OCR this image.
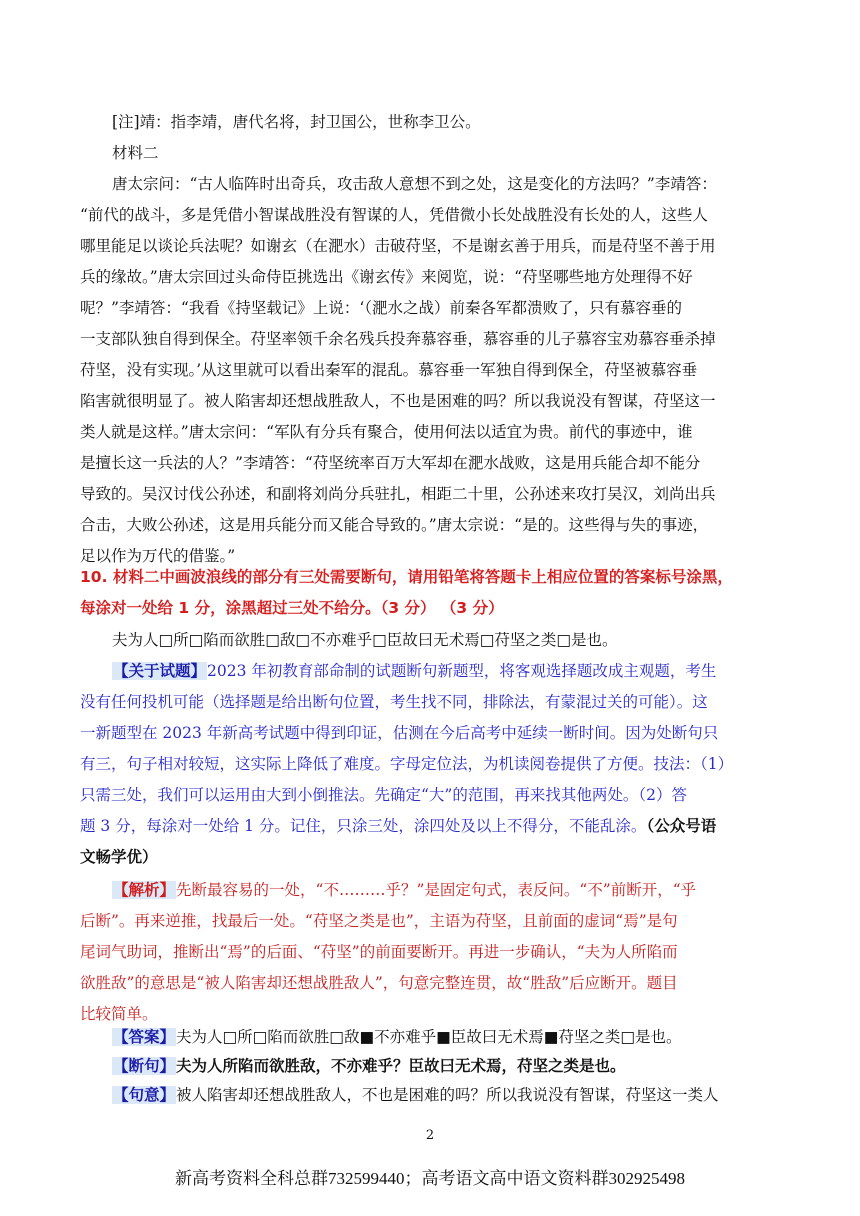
[注]靖：指李靖，唐代名将，封卫国公，世称李卫公。
材料二
唐太宗问：“古人临阵时出奇兵，攻击敌人意想不到之处，这是变化的方法吗？”李靖答：
“前代的战斗，多是凭借小智谋战胜没有智谋的人，凭借微小长处战胜没有长处的人，这些人
哪里能足以谈论兵法呢？如谢玄（在淝水）击破苻坚，不是谢玄善于用兵，而是苻坚不善于用
兵的缘故。”唐太宗回过头命侍臣挑选出《谢玄传》来阅览，说：“苻坚哪些地方处理得不好
呢？”李靖答：“我看《持坚载记》上说：‘（淝水之战）前秦各军都溃败了，只有慕容垂的
一支部队独自得到保全。苻坚率领千余名残兵投奔慕容垂，慕容垂的儿子慕容宝劝慕容垂杀掉
苻坚，没有实现。’从这里就可以看出秦军的混乱。慕容垂一军独自得到保全，苻坚被慕容垂
陷害就很明显了。被人陷害却还想战胜敌人，不也是困难的吗？所以我说没有智谋，苻坚这一
类人就是这样。”唐太宗问：“军队有分兵有聚合，使用何法以适宜为贵。前代的事迹中，谁
是擅长这一兵法的人？”李靖答：“苻坚统率百万大军却在淝水战败，这是用兵能合却不能分
导致的。吴汉讨伐公孙述，和副将刘尚分兵驻扎，相距二十里，公孙述来攻打吴汉，刘尚出兵
合击，大败公孙述，这是用兵能分而又能合导致的。”唐太宗说：“是的。这些得与失的事迹，
足以作为万代的借鉴。”
10. 材料二中画波浪线的部分有三处需要断句，请用铅笔将答题卡上相应位置的答案标号涂黑，
每涂对一处给 1 分，涂黑超过三处不给分。（3 分） （3 分）
夫为人□所□陷而欲胜□敌□不亦难乎□臣故曰无术焉□苻坚之类□是也。
【关于试题】2023 年初教育部命制的试题断句新题型，将客观选择题改成主观题，考生
没有任何投机可能（选择题是给出断句位置，考生找不同，排除法，有蒙混过关的可能）。这
一新题型在 2023 年新高考试题中得到印证，估测在今后高考中延续一断时间。因为处断句只
有三，句子相对较短，这实际上降低了难度。字母定位法，为机读阅卷提供了方便。技法：（1）
只需三处，我们可以运用由大到小倒推法。先确定“大”的范围，再来找其他两处。（2）答
题 3 分，每涂对一处给 1 分。记住，只涂三处，涂四处及以上不得分，不能乱涂。（公众号语
文畅学优）
【解析】先断最容易的一处，“不………乎？”是固定句式，表反问。“不”前断开，“乎
后断”。再来逆推，找最后一处。“苻坚之类是也”，主语为苻坚，且前面的虚词“焉”是句
尾词气助词，推断出“焉”的后面、“苻坚”的前面要断开。再进一步确认，“夫为人所陷而
欲胜敌”的意思是“被人陷害却还想战胜敌人”，句意完整连贯，故“胜敌”后应断开。题目
比较简单。
【答案】夫为人□所□陷而欲胜□敌■不亦难乎■臣故曰无术焉■苻坚之类□是也。
【断句】夫为人所陷而欲胜敌，不亦难乎？臣故曰无术焉，苻坚之类是也。
【句意】被人陷害却还想战胜敌人，不也是困难的吗？所以我说没有智谋，苻坚这一类人
2
新高考资料全科总群732599440；高考语文高中语文资料群302925498
